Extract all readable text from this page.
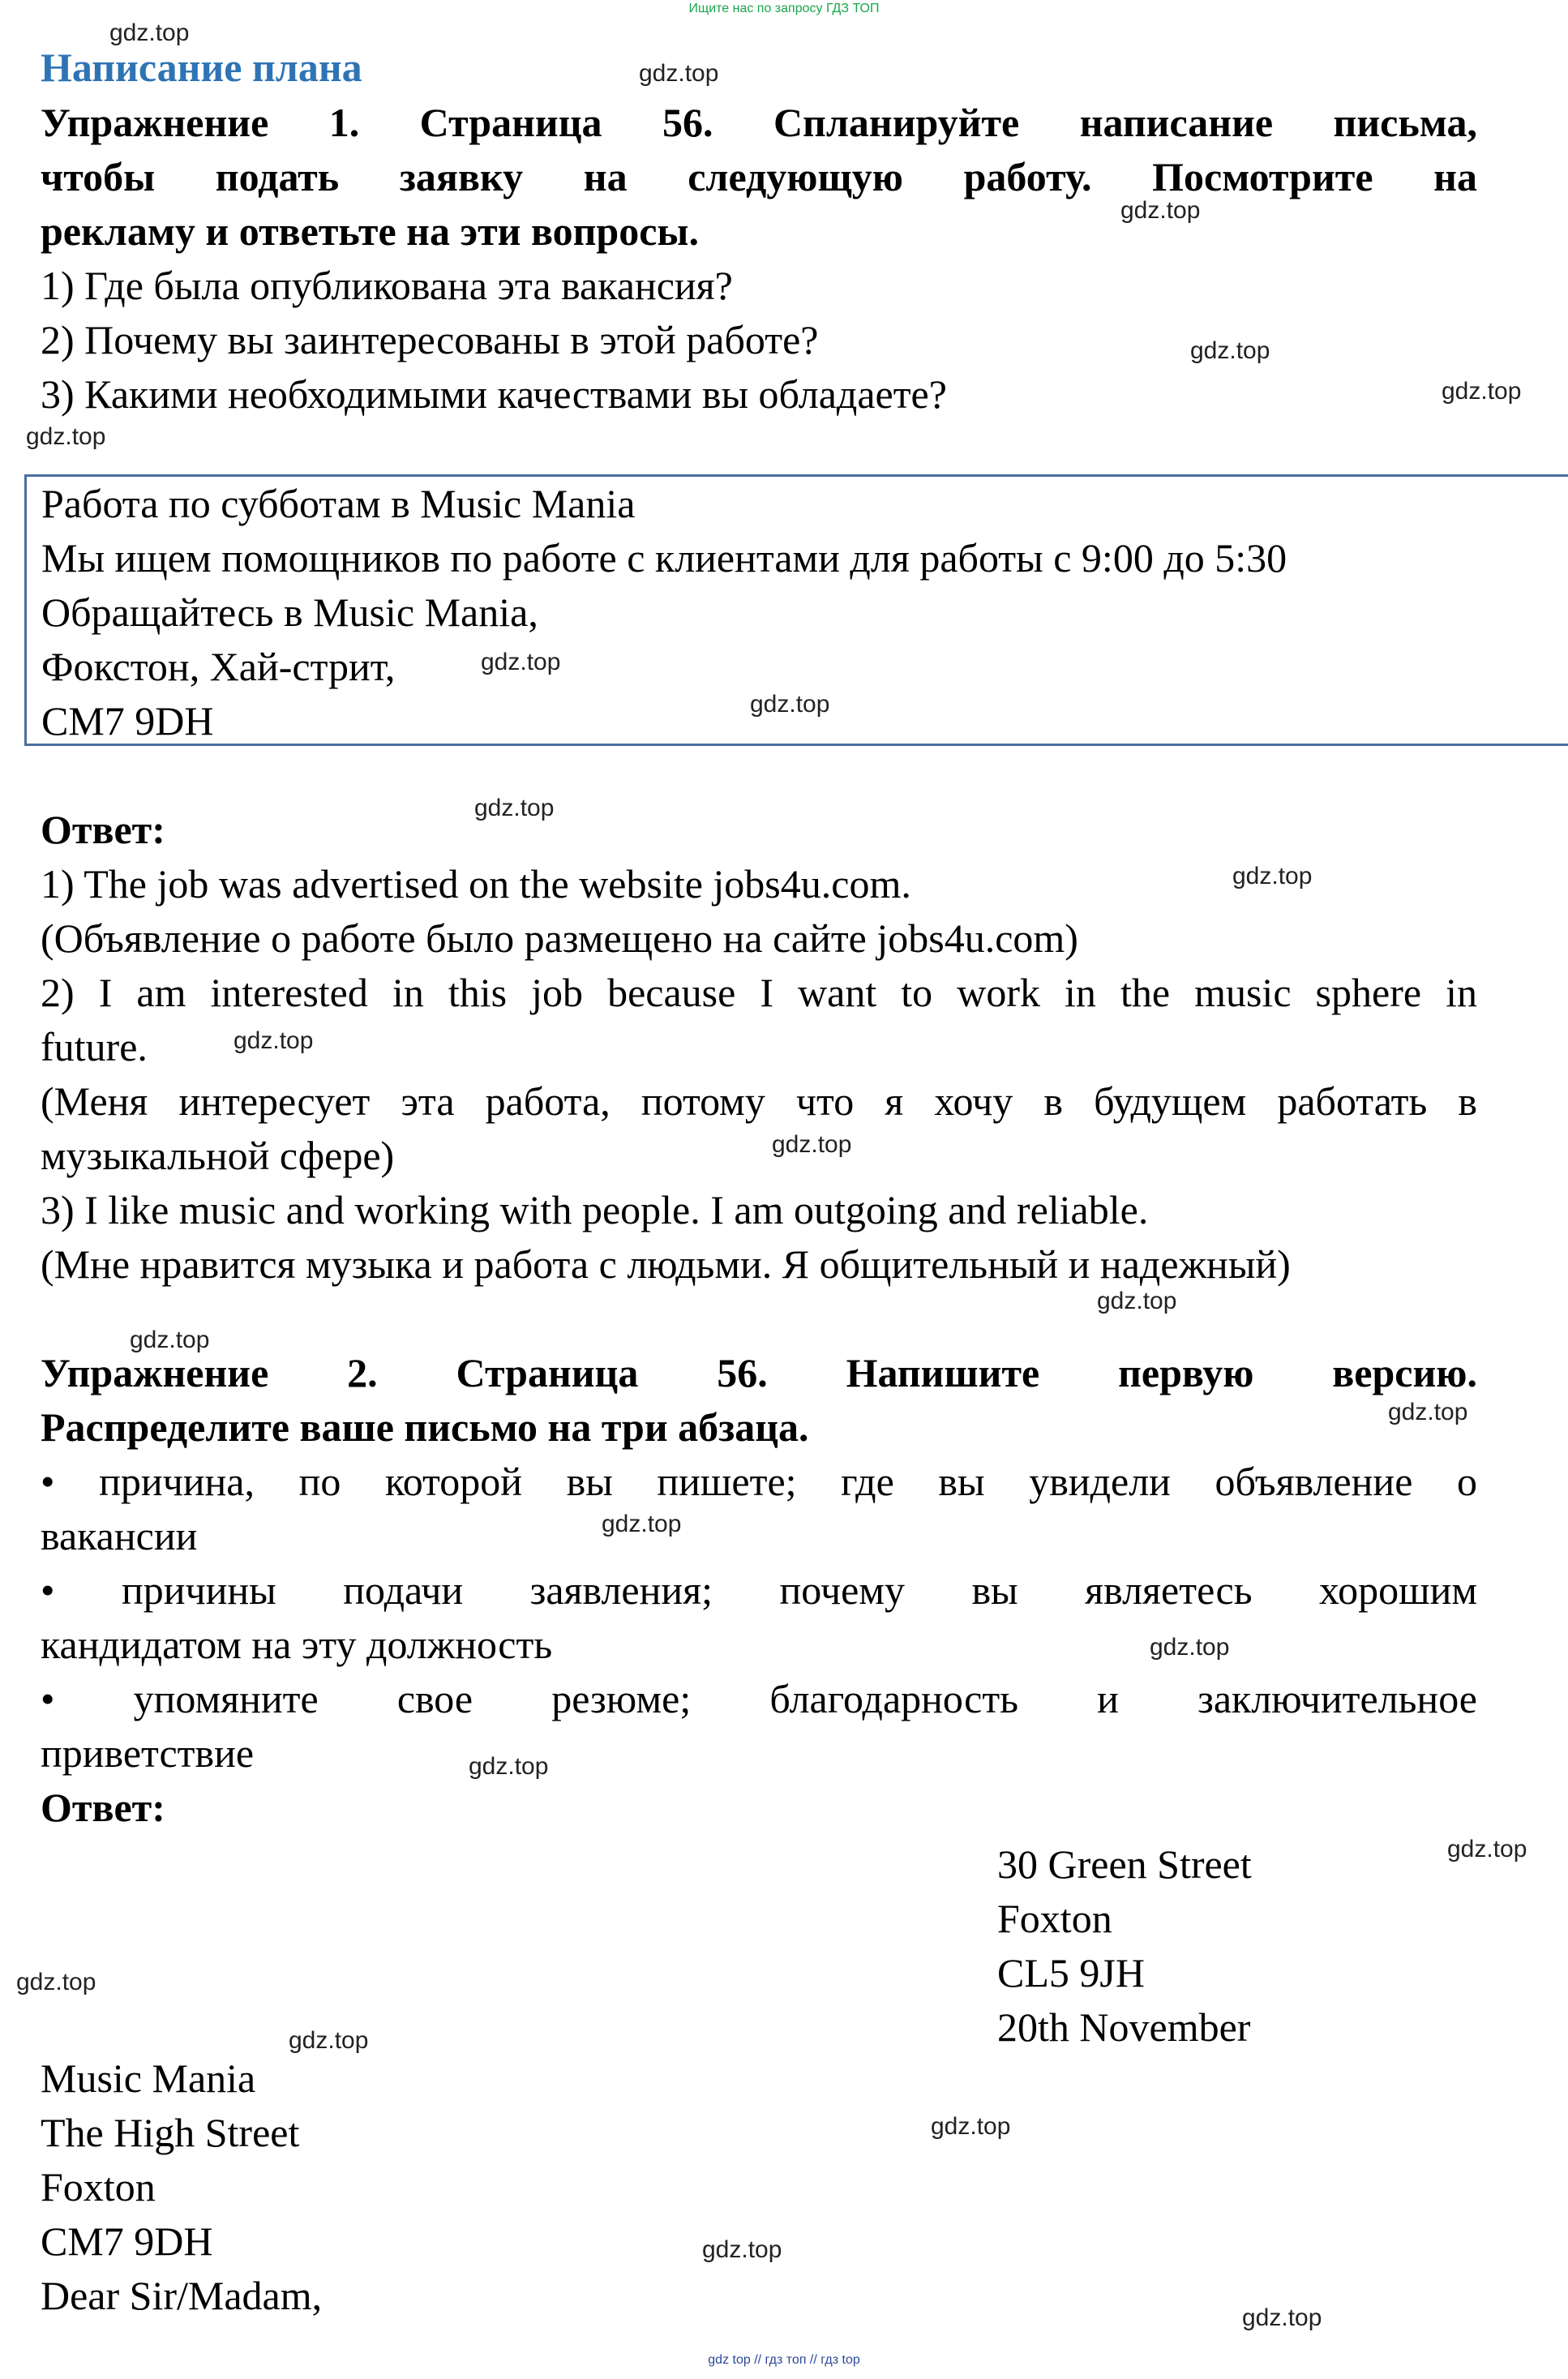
Ищите нас по запросу ГДЗ ТОП
gdz top // гдз топ // гдз top
gdz.top
gdz.top
gdz.top
gdz.top
gdz.top
gdz.top
gdz.top
gdz.top
gdz.top
gdz.top
gdz.top
gdz.top
gdz.top
gdz.top
gdz.top
gdz.top
gdz.top
gdz.top
gdz.top
gdz.top
gdz.top
gdz.top
gdz.top
gdz.top
Написание плана
Упражнение 1. Страница 56. Спланируйте написание письма,
чтобы подать заявку на следующую работу. Посмотрите на
рекламу и ответьте на эти вопросы.
1) Где была опубликована эта вакансия?
2) Почему вы заинтересованы в этой работе?
3) Какими необходимыми качествами вы обладаете?
Работа по субботам в Music Mania
Мы ищем помощников по работе с клиентами для работы с 9:00 до 5:30
Обращайтесь в Music Mania,
Фокстон, Хай-стрит,
CM7 9DH
Ответ:
1) The job was advertised on the website jobs4u.com.
(Объявление о работе было размещено на сайте jobs4u.com)
2) I am interested in this job because I want to work in the music sphere in
future.
(Меня интересует эта работа, потому что я хочу в будущем работать в
музыкальной сфере)
3) I like music and working with people. I am outgoing and reliable.
(Мне нравится музыка и работа с людьми. Я общительный и надежный)
Упражнение 2. Страница 56. Напишите первую версию.
Распределите ваше письмо на три абзаца.
• причина, по которой вы пишете; где вы увидели объявление о
вакансии
• причины подачи заявления; почему вы являетесь хорошим
кандидатом на эту должность
• упомяните свое резюме; благодарность и заключительное
приветствие
Ответ:
30 Green Street
Foxton
CL5 9JH
20th November
Music Mania
The High Street
Foxton
CM7 9DH
Dear Sir/Madam,
